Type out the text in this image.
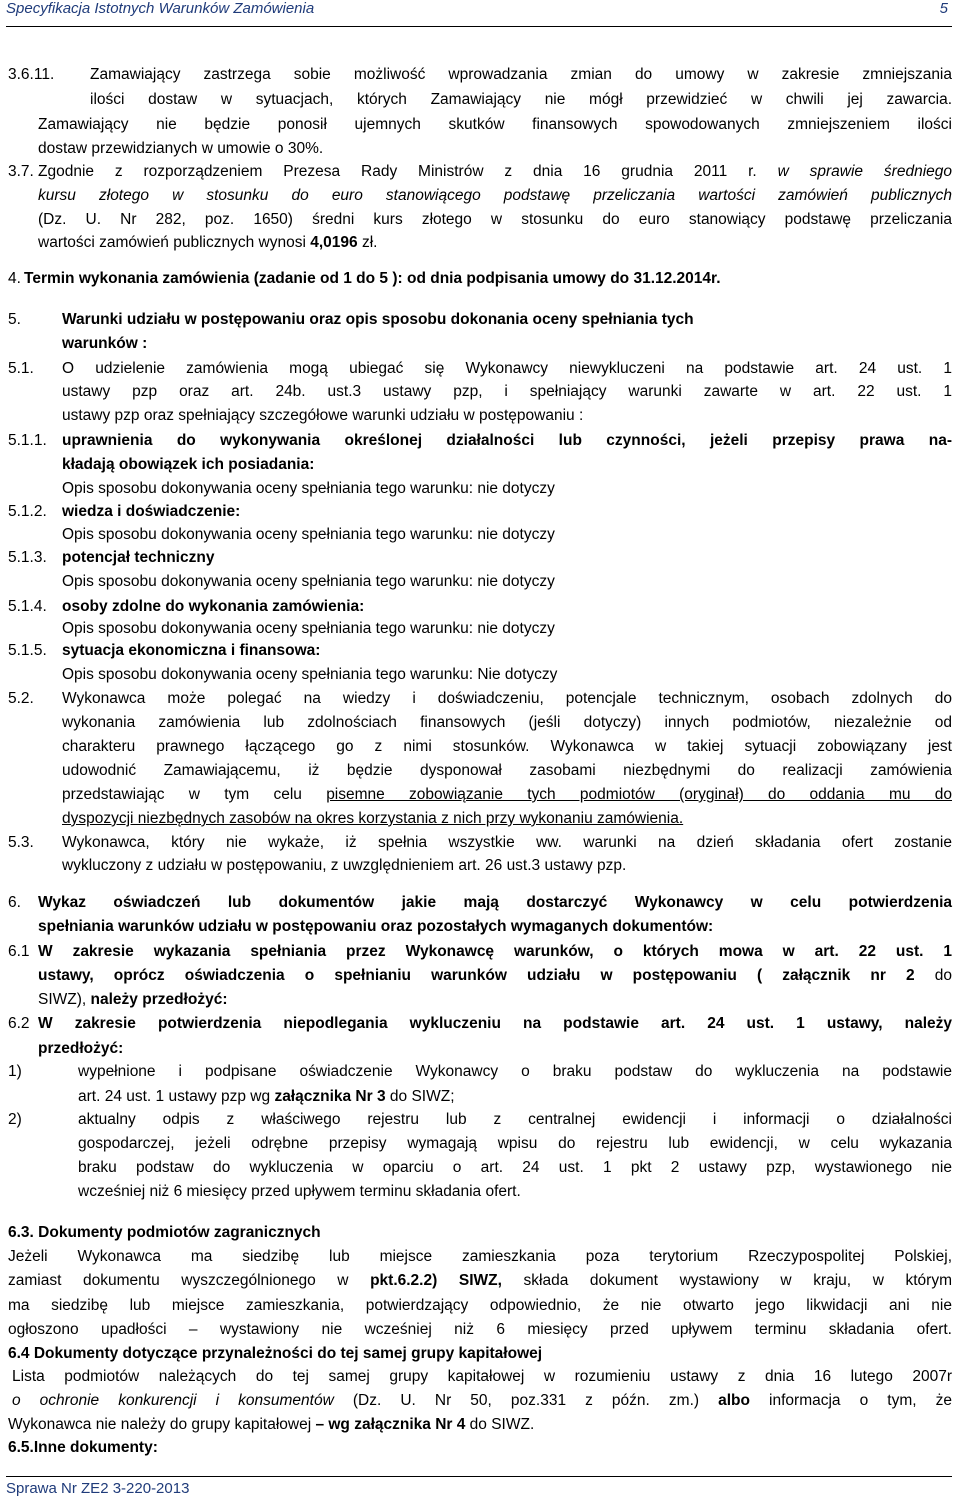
Specyfikacja Istotnych Warunków Zamówienia	5
3.6.11.	Zamawiający zastrzega sobie możliwość wprowadzania zmian do umowy w zakresie zmniejszania
ilości dostaw w sytuacjach, których Zamawiający nie mógł przewidzieć w chwili jej zawarcia.
Zamawiający nie będzie ponosił ujemnych skutków finansowych spowodowanych zmniejszeniem ilości
dostaw przewidzianych w umowie o 30%.
3.7. Zgodnie z rozporządzeniem Prezesa Rady Ministrów z dnia 16 grudnia 2011 r. w sprawie średniego
kursu złotego w stosunku do euro stanowiącego podstawę przeliczania wartości zamówień publicznych
(Dz. U. Nr 282, poz. 1650) średni kurs złotego w stosunku do euro stanowiący podstawę przeliczania
wartości zamówień publicznych wynosi 4,0196 zł.
4. Termin wykonania zamówienia (zadanie od 1 do 5 ): od dnia podpisania umowy do 31.12.2014r.
5.	Warunki udziału w postępowaniu oraz opis sposobu dokonania oceny spełniania tych
warunków :
5.1.	O udzielenie zamówienia mogą ubiegać się Wykonawcy niewykluczeni na podstawie art. 24 ust. 1
ustawy pzp oraz art. 24b. ust.3 ustawy pzp, i spełniający warunki zawarte w art. 22 ust. 1
ustawy pzp oraz spełniający szczegółowe warunki udziału w postępowaniu :
5.1.1. uprawnienia do wykonywania określonej działalności lub czynności, jeżeli przepisy prawa na-
kładają obowiązek ich posiadania:
Opis sposobu dokonywania oceny spełniania tego warunku: nie dotyczy
5.1.2. wiedza i doświadczenie:
Opis sposobu dokonywania oceny spełniania tego warunku: nie dotyczy
5.1.3. potencjał techniczny
Opis sposobu dokonywania oceny spełniania tego warunku: nie dotyczy
5.1.4. osoby zdolne do wykonania zamówienia:
Opis sposobu dokonywania oceny spełniania tego warunku: nie dotyczy
5.1.5. sytuacja ekonomiczna i finansowa:
Opis sposobu dokonywania oceny spełniania tego warunku: Nie dotyczy
5.2.	Wykonawca może polegać na wiedzy i doświadczeniu, potencjale technicznym, osobach zdolnych do
wykonania zamówienia lub zdolnościach finansowych (jeśli dotyczy) innych podmiotów, niezależnie od
charakteru prawnego łączącego go z nimi stosunków. Wykonawca w takiej sytuacji zobowiązany jest
udowodnić Zamawiającemu, iż będzie dysponował zasobami niezbędnymi do realizacji zamówienia
przedstawiając w tym celu pisemne zobowiązanie tych podmiotów (oryginał) do oddania mu do
dyspozycji niezbędnych zasobów na okres korzystania z nich przy wykonaniu zamówienia.
5.3.	Wykonawca, który nie wykaże, iż spełnia wszystkie ww. warunki na dzień składania ofert zostanie
wykluczony z udziału w postępowaniu, z uwzględnieniem art. 26 ust.3 ustawy pzp.
6.	Wykaz oświadczeń lub dokumentów jakie mają dostarczyć Wykonawcy w celu potwierdzenia
spełniania warunków udziału w postępowaniu oraz pozostałych wymaganych dokumentów:
6.1 W zakresie wykazania spełniania przez Wykonawcę warunków, o których mowa w art. 22 ust. 1
ustawy, oprócz oświadczenia o spełnianiu warunków udziału w postępowaniu ( załącznik nr 2 do
SIWZ), należy przedłożyć:
6.2 W zakresie potwierdzenia niepodlegania wykluczeniu na podstawie art. 24 ust. 1 ustawy, należy
przedłożyć:
1)	wypełnione i podpisane oświadczenie Wykonawcy o braku podstaw do wykluczenia na podstawie
art. 24 ust. 1 ustawy pzp wg załącznika Nr 3 do SIWZ;
2)	aktualny odpis z właściwego rejestru lub z centralnej ewidencji i informacji o działalności
gospodarczej, jeżeli odrębne przepisy wymagają wpisu do rejestru lub ewidencji, w celu wykazania
braku podstaw do wykluczenia w oparciu o art. 24 ust. 1 pkt 2 ustawy pzp, wystawionego nie
wcześniej niż 6 miesięcy przed upływem terminu składania ofert.
6.3. Dokumenty podmiotów zagranicznych
Jeżeli Wykonawca ma siedzibę lub miejsce zamieszkania poza terytorium Rzeczypospolitej Polskiej,
zamiast dokumentu wyszczególnionego w pkt.6.2.2) SIWZ, składa dokument wystawiony w kraju, w którym
ma siedzibę lub miejsce zamieszkania, potwierdzający odpowiednio, że nie otwarto jego likwidacji ani nie
ogłoszono upadłości – wystawiony nie wcześniej niż 6 miesięcy przed upływem terminu składania ofert.
6.4 Dokumenty dotyczące przynależności do tej samej grupy kapitałowej
Lista podmiotów należących do tej samej grupy kapitałowej w rozumieniu ustawy z dnia 16 lutego 2007r
o ochronie konkurencji i konsumentów (Dz. U. Nr 50, poz.331 z późn. zm.) albo informacja o tym, że
Wykonawca nie należy do grupy kapitałowej – wg załącznika Nr 4 do SIWZ.
6.5.Inne dokumenty:
Sprawa Nr ZE2 3-220-2013
